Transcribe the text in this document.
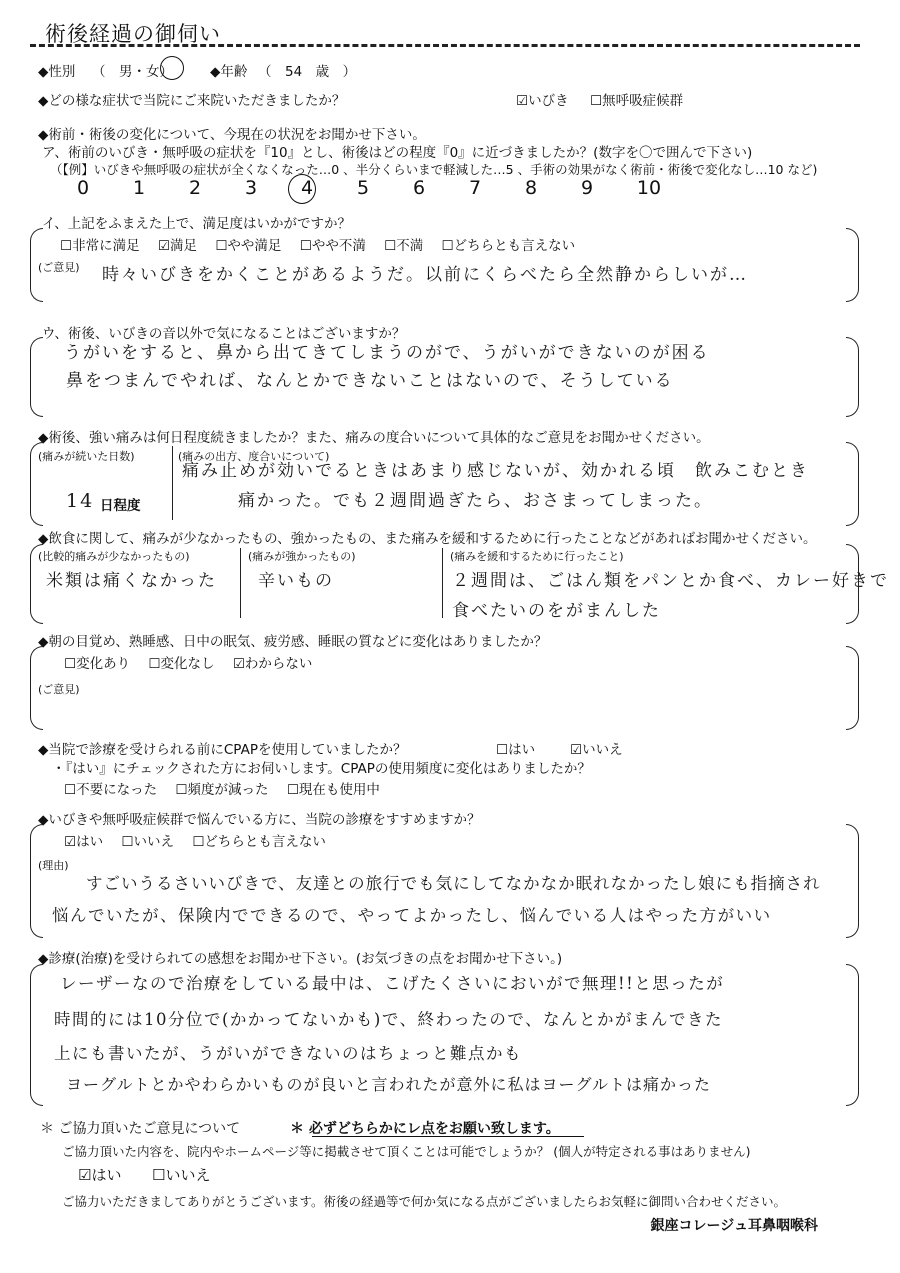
術後経過の御伺い
◆性別 （　男・女）	◆年齢 （　54　歳　）
◆どの様な症状で当院にご来院いただきましたか？	☑いびき ☐無呼吸症候群
◆術前・術後の変化について、今現在の状況をお聞かせ下さい。
ア、術前のいびき・無呼吸の症状を『10』とし、術後はどの程度『0』に近づきましたか？(数字を〇で囲んで下さい)
（【例】いびきや無呼吸の症状が全くなくなった…0 、半分くらいまで軽減した…5 、手術の効果がなく術前・術後で変化なし…10 など)
0	1	2	3	4	5	6	7	8	9	10
イ、上記をふまえた上で、満足度はいかがですか？
☐非常に満足 ☑満足 ☐やや満足 ☐やや不満 ☐不満 ☐どちらとも言えない
(ご意見) 時々いびきをかくことがあるようだ。以前にくらべたら全然静からしいが…
ウ、術後、いびきの音以外で気になることはございますか？
うがいをすると、鼻から出てきてしまうのがで、うがいができないのが困る
鼻をつまんでやれば、なんとかできないことはないので、そうしている
◆術後、強い痛みは何日程度続きましたか？また、痛みの度合いについて具体的なご意見をお聞かせください。
(痛みが続いた日数)
14 日程度
(痛みの出方、度合いについて)
痛み止めが効いでるときはあまり感じないが、効かれる頃　飲みこむとき
痛かった。でも２週間過ぎたら、おさまってしまった。
◆飲食に関して、痛みが少なかったもの、強かったもの、また痛みを緩和するために行ったことなどがあればお聞かせください。
(比較的痛みが少なかったもの)
米類は痛くなかった
(痛みが強かったもの)
辛いもの
(痛みを緩和するために行ったこと)
２週間は、ごはん類をパンとか食べ、カレー好きで
食べたいのをがまんした
◆朝の目覚め、熟睡感、日中の眠気、疲労感、睡眠の質などに変化はありましたか？
☐変化あり ☐変化なし ☑わからない
(ご意見)
◆当院で診療を受けられる前にCPAPを使用していましたか？	☐はい	☑いいえ
・『はい』にチェックされた方にお伺いします。CPAPの使用頻度に変化はありましたか？
☐不要になった ☐頻度が減った ☐現在も使用中
◆いびきや無呼吸症候群で悩んでいる方に、当院の診療をすすめますか？
☑はい ☐いいえ ☐どちらとも言えない
(理由)
すごいうるさいいびきで、友達との旅行でも気にしてなかなか眠れなかったし娘にも指摘され
悩んでいたが、保険内でできるので、やってよかったし、悩んでいる人はやった方がいい
◆診療(治療)を受けられての感想をお聞かせ下さい。(お気づきの点をお聞かせ下さい。)
レーザーなので治療をしている最中は、こげたくさいにおいがで無理!!と思ったが
時間的には10分位で(かかってないかも)で、終わったので、なんとかがまんできた
上にも書いたが、うがいができないのはちょっと難点かも
ヨーグルトとかやわらかいものが良いと言われたが意外に私はヨーグルトは痛かった
＊ ご協力頂いたご意見について	＊ 必ずどちらかにレ点をお願い致します。
ご協力頂いた内容を、院内やホームページ等に掲載させて頂くことは可能でしょうか？ (個人が特定される事はありません)
☑はい ☐いいえ
ご協力いただきましてありがとうございます。術後の経過等で何か気になる点がございましたらお気軽に御問い合わせください。
銀座コレージュ耳鼻咽喉科
